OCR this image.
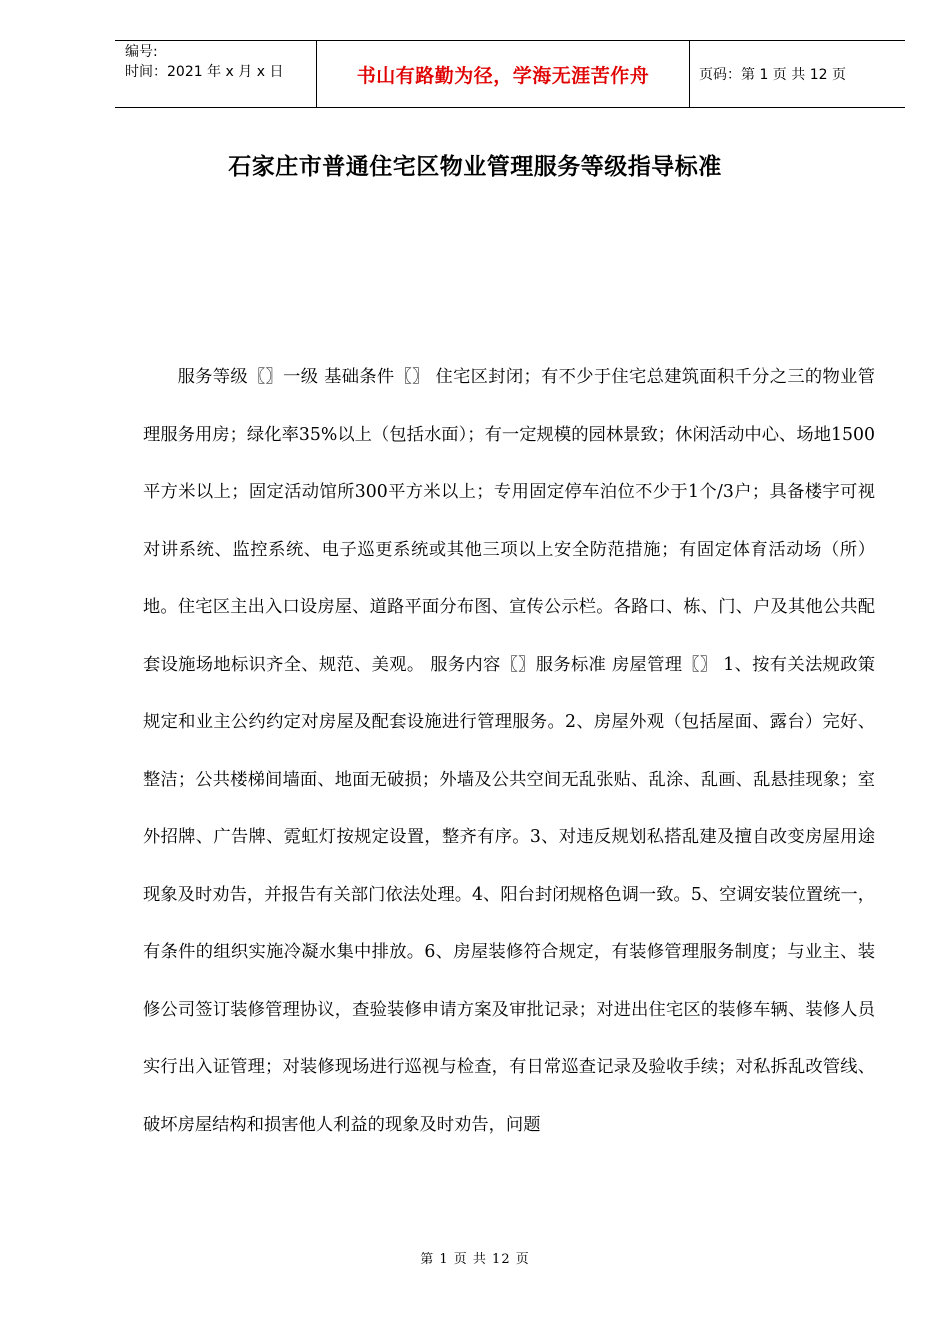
编号:
时间：2021 年 x 月 x 日	书山有路勤为径，学海无涯苦作舟	页码：第 1 页 共 12 页
石家庄市普通住宅区物业管理服务等级指导标准

服务等级〖〗一级 基础条件〖〗 住宅区封闭；有不少于住宅总建筑面积千分之三的物业管理服务用房；绿化率35%以上（包括水面）；有一定规模的园林景致；休闲活动中心、场地1500平方米以上；固定活动馆所300平方米以上；专用固定停车泊位不少于1个/3户；具备楼宇可视对讲系统、监控系统、电子巡更系统或其他三项以上安全防范措施；有固定体育活动场（所）地。住宅区主出入口设房屋、道路平面分布图、宣传公示栏。各路口、栋、门、户及其他公共配套设施场地标识齐全、规范、美观。 服务内容〖〗服务标准 房屋管理〖〗 1、按有关法规政策规定和业主公约约定对房屋及配套设施进行管理服务。2、房屋外观（包括屋面、露台）完好、整洁；公共楼梯间墙面、地面无破损；外墙及公共空间无乱张贴、乱涂、乱画、乱悬挂现象；室外招牌、广告牌、霓虹灯按规定设置，整齐有序。3、对违反规划私搭乱建及擅自改变房屋用途现象及时劝告，并报告有关部门依法处理。4、阳台封闭规格色调一致。5、空调安装位置统一，有条件的组织实施冷凝水集中排放。6、房屋装修符合规定，有装修管理服务制度；与业主、装修公司签订装修管理协议，查验装修申请方案及审批记录；对进出住宅区的装修车辆、装修人员实行出入证管理；对装修现场进行巡视与检查，有日常巡查记录及验收手续；对私拆乱改管线、破坏房屋结构和损害他人利益的现象及时劝告，问题

第 1 页 共 12 页
